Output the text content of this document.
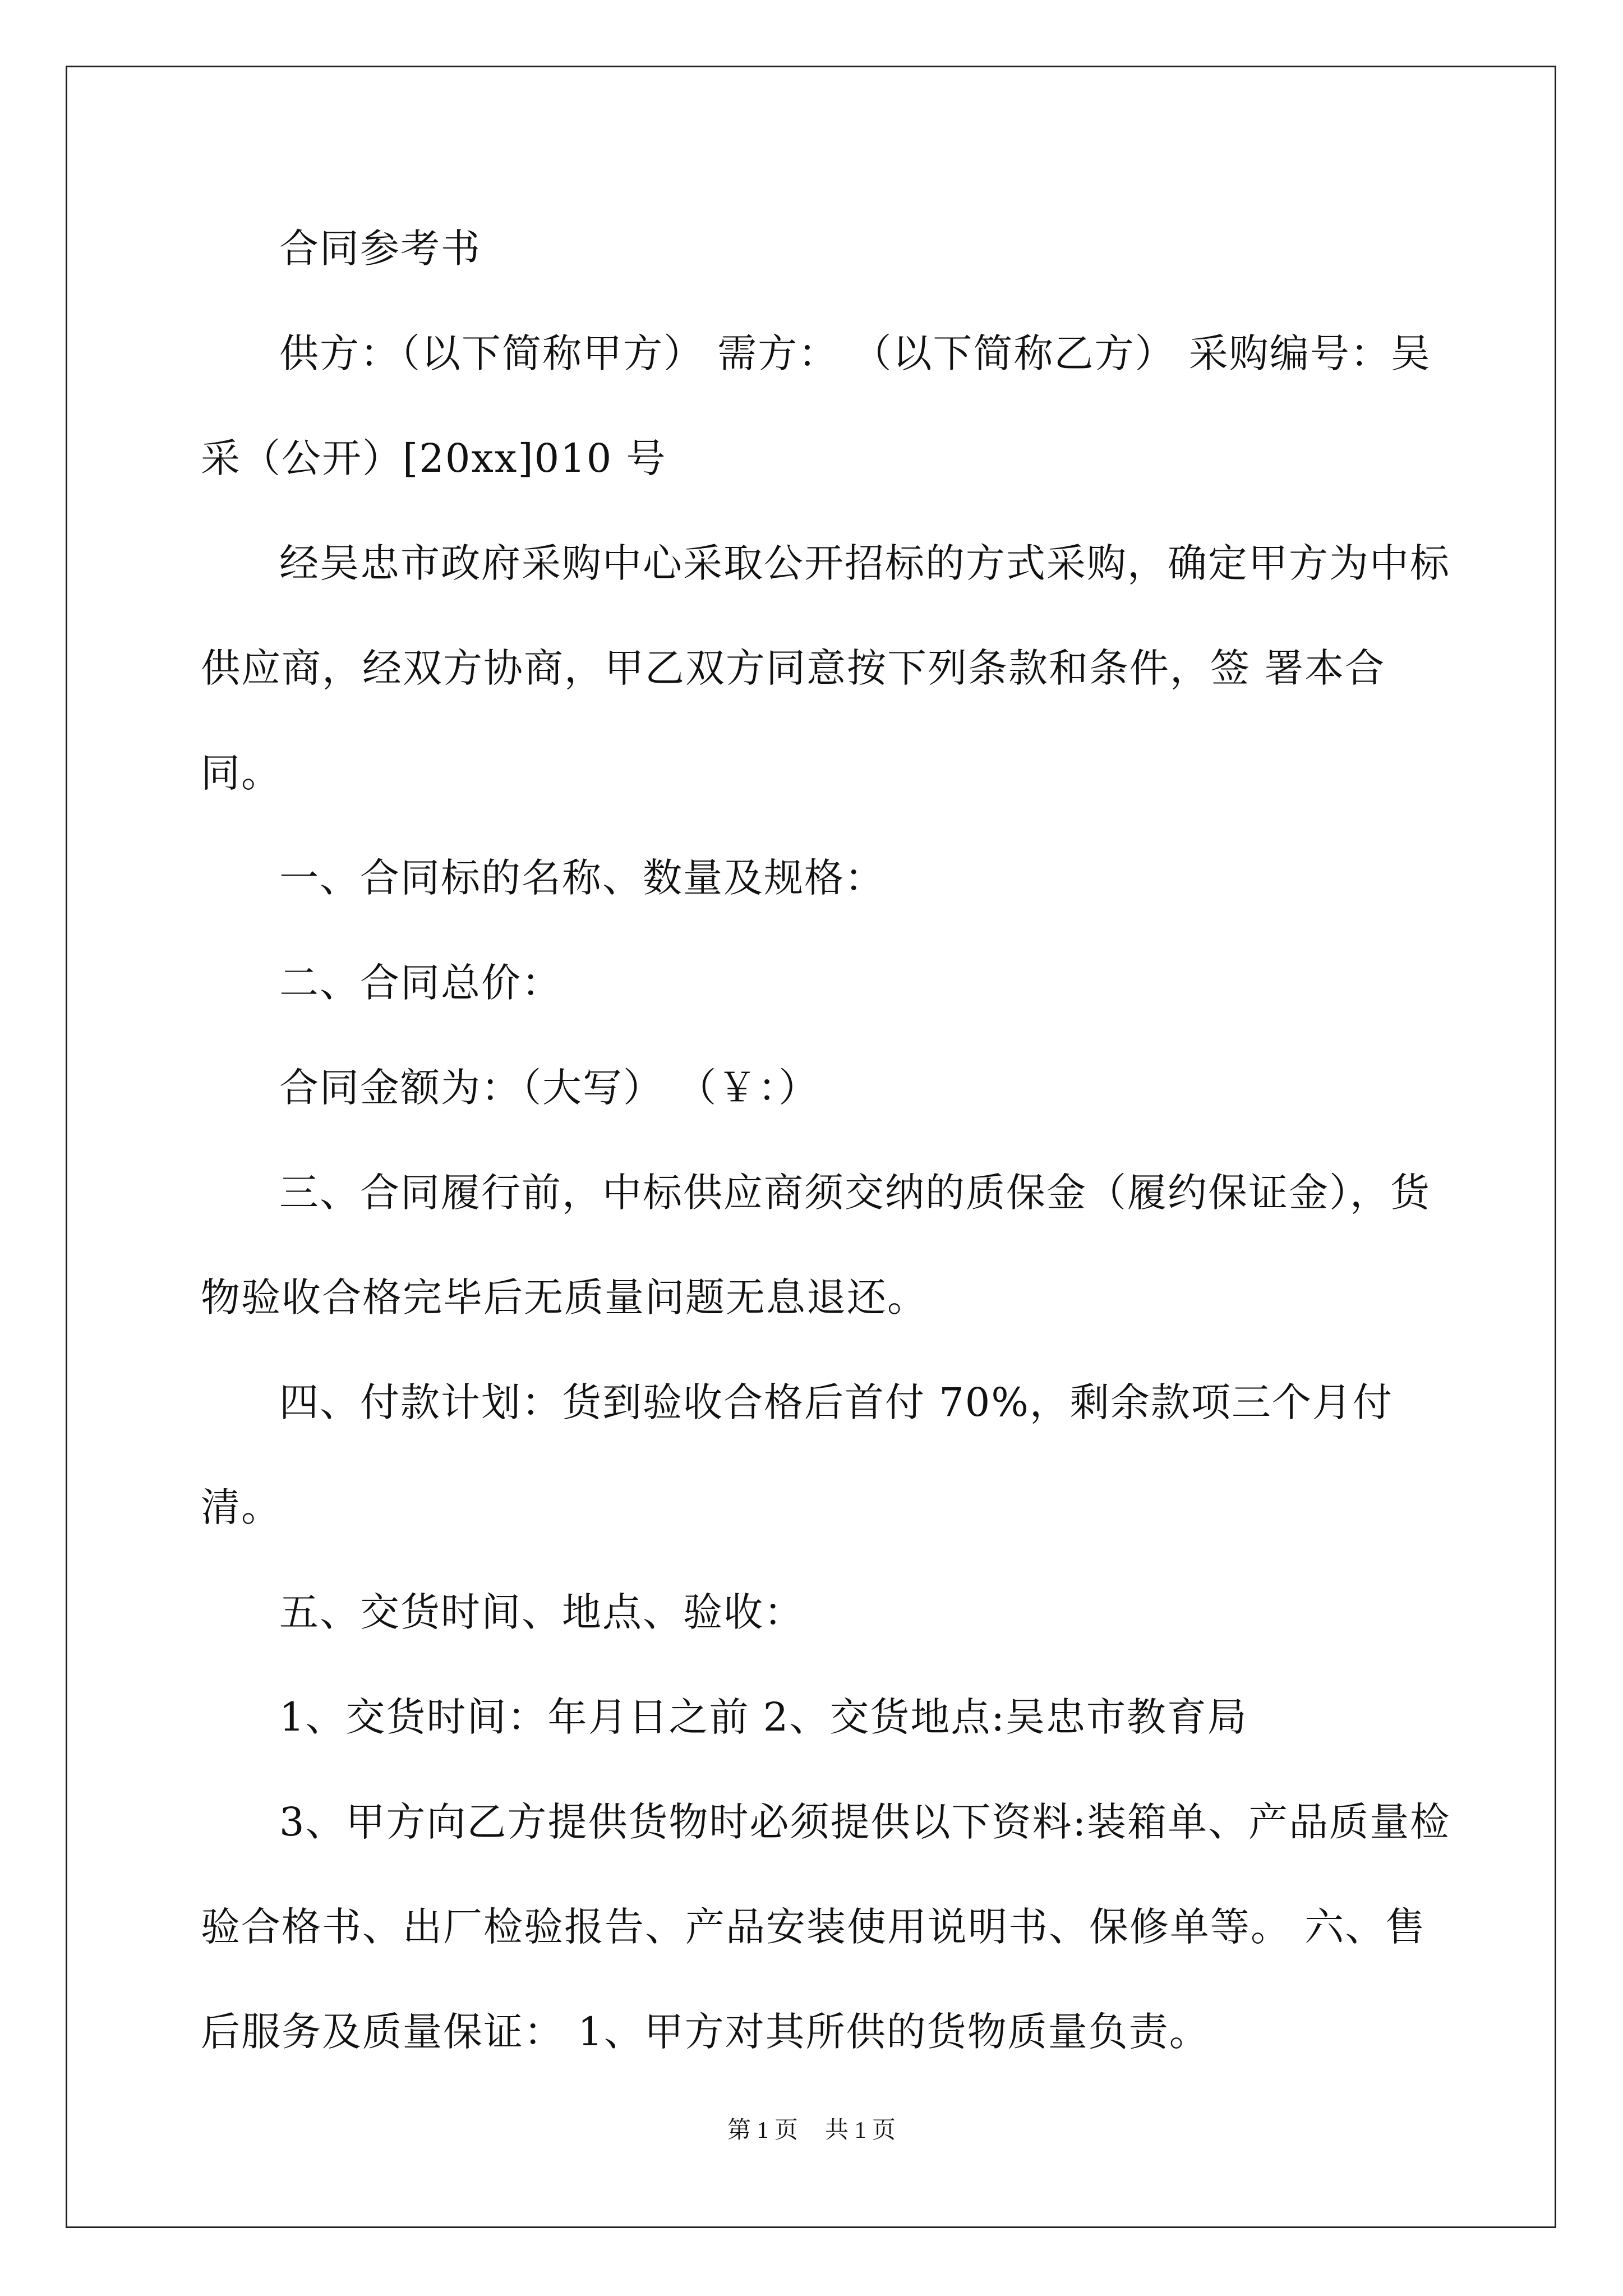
合同参考书

供方：（以下简称甲方） 需方： （以下简称乙方） 采购编号：吴采（公开）[20xx]010 号

经吴忠市政府采购中心采取公开招标的方式采购，确定甲方为中标供应商，经双方协商，甲乙双方同意按下列条款和条件，签 署本合同。

一、合同标的名称、数量及规格：

二、合同总价：

合同金额为：（大写） （￥：）

三、合同履行前，中标供应商须交纳的质保金（履约保证金），货物验收合格完毕后无质量问题无息退还。

四、付款计划：货到验收合格后首付 70%，剩余款项三个月付清。

五、交货时间、地点、验收：

1、交货时间：年月日之前 2、交货地点:吴忠市教育局

3、甲方向乙方提供货物时必须提供以下资料:装箱单、产品质量检验合格书、出厂检验报告、产品安装使用说明书、保修单等。 六、售后服务及质量保证： 1、甲方对其所供的货物质量负责。

第 1 页 共 1 页
